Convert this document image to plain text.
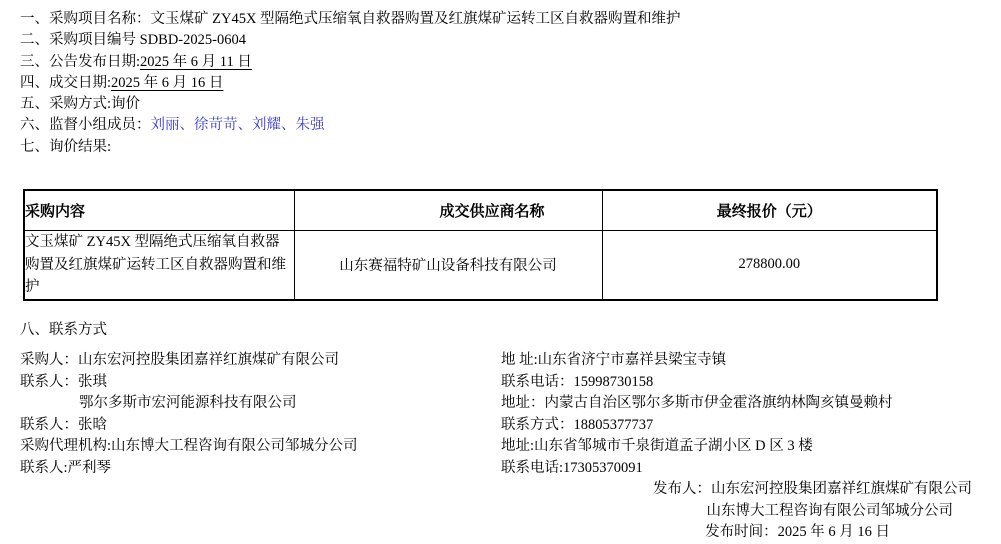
一、采购项目名称：文玉煤矿 ZY45X 型隔绝式压缩氧自救器购置及红旗煤矿运转工区自救器购置和维护
二、采购项目编号 SDBD-2025-0604
三、公告发布日期:2025 年 6 月 11 日
四、成交日期:2025 年 6 月 16 日
五、采购方式:询价
六、监督小组成员：刘丽、徐苛苛、刘耀、朱强
七、询价结果:
采购内容	成交供应商名称	最终报价（元）
文玉煤矿 ZY45X 型隔绝式压缩氧自救器购置及红旗煤矿运转工区自救器购置和维护	山东赛福特矿山设备科技有限公司	278800.00
八、联系方式
采购人：山东宏河控股集团嘉祥红旗煤矿有限公司
联系人：张琪
鄂尔多斯市宏河能源科技有限公司
联系人：张晗
采购代理机构:山东博大工程咨询有限公司邹城分公司
联系人:严利琴
地 址:山东省济宁市嘉祥县梁宝寺镇
联系电话：15998730158
地址：内蒙古自治区鄂尔多斯市伊金霍洛旗纳林陶亥镇曼赖村
联系方式：18805377737
地址:山东省邹城市千泉街道孟子湖小区 D 区 3 楼
联系电话:17305370091
发布人：山东宏河控股集团嘉祥红旗煤矿有限公司
山东博大工程咨询有限公司邹城分公司
发布时间：2025 年 6 月 16 日
